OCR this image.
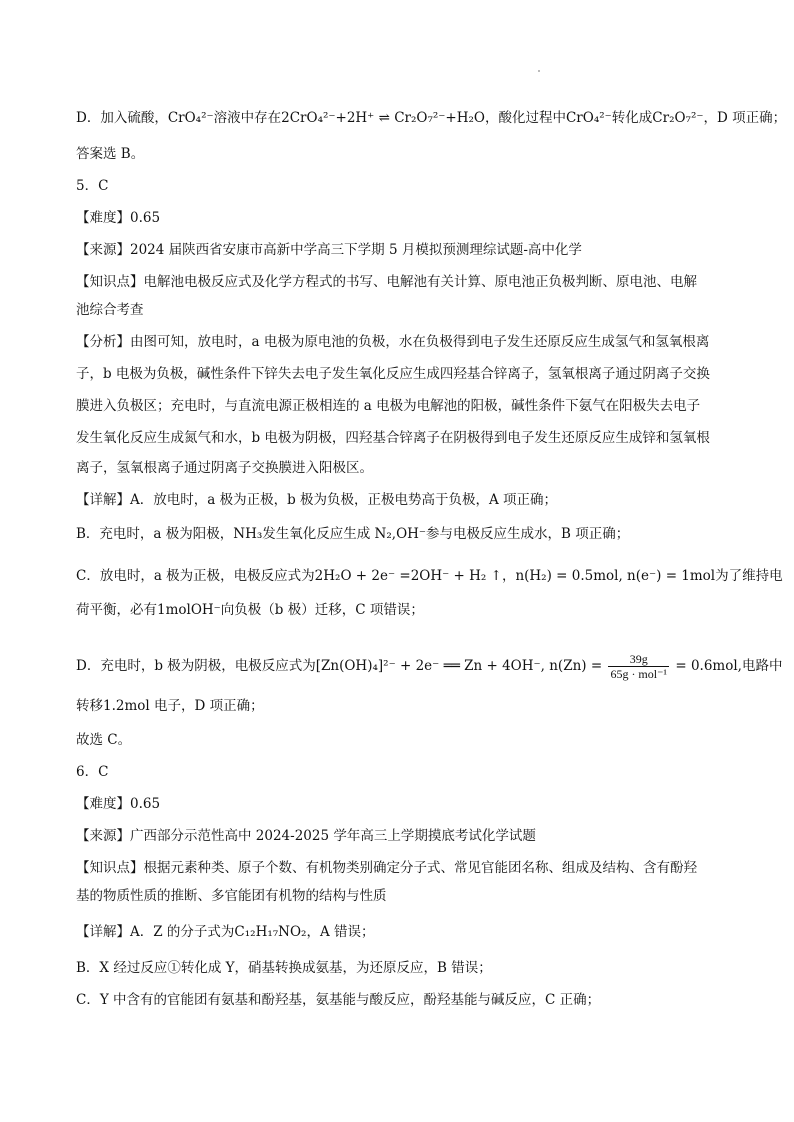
D．加入硫酸，CrO₄²⁻溶液中存在2CrO₄²⁻+2H⁺ ⇌ Cr₂O₇²⁻+H₂O，酸化过程中CrO₄²⁻转化成Cr₂O₇²⁻，D 项正确；
答案选 B。
5．C
【难度】0.65
【来源】2024 届陕西省安康市高新中学高三下学期 5 月模拟预测理综试题-高中化学
【知识点】电解池电极反应式及化学方程式的书写、电解池有关计算、原电池正负极判断、原电池、电解
池综合考查
【分析】由图可知，放电时，a 电极为原电池的负极，水在负极得到电子发生还原反应生成氢气和氢氧根离
子，b 电极为负极，碱性条件下锌失去电子发生氧化反应生成四羟基合锌离子，氢氧根离子通过阴离子交换
膜进入负极区；充电时，与直流电源正极相连的 a 电极为电解池的阳极，碱性条件下氨气在阳极失去电子
发生氧化反应生成氮气和水，b 电极为阴极，四羟基合锌离子在阴极得到电子发生还原反应生成锌和氢氧根
离子，氢氧根离子通过阴离子交换膜进入阳极区。
【详解】A．放电时，a 极为正极，b 极为负极，正极电势高于负极，A 项正确；
B．充电时，a 极为阳极，NH₃发生氧化反应生成 N₂,OH⁻参与电极反应生成水，B 项正确；
C．放电时，a 极为正极，电极反应式为2H₂O + 2e⁻ =2OH⁻ + H₂ ↑，n(H₂) = 0.5mol, n(e⁻) = 1mol为了维持电
荷平衡，必有1molOH⁻向负极（b 极）迁移，C 项错误；
D．充电时，b 极为阴极，电极反应式为[Zn(OH)₄]²⁻ + 2e⁻ ══ Zn + 4OH⁻, $n(Zn) = \frac{39g}{\text{65g · mol⁻¹}} = 0.6mol$,电路中
转移1.2mol 电子，D 项正确；
故选 C。
6．C
【难度】0.65
【来源】广西部分示范性高中 2024-2025 学年高三上学期摸底考试化学试题
【知识点】根据元素种类、原子个数、有机物类别确定分子式、常见官能团名称、组成及结构、含有酚羟
基的物质性质的推断、多官能团有机物的结构与性质
【详解】A．Z 的分子式为C₁₂H₁₇NO₂，A 错误；
B．X 经过反应①转化成 Y，硝基转换成氨基，为还原反应，B 错误；
C．Y 中含有的官能团有氨基和酚羟基，氨基能与酸反应，酚羟基能与碱反应，C 正确；
